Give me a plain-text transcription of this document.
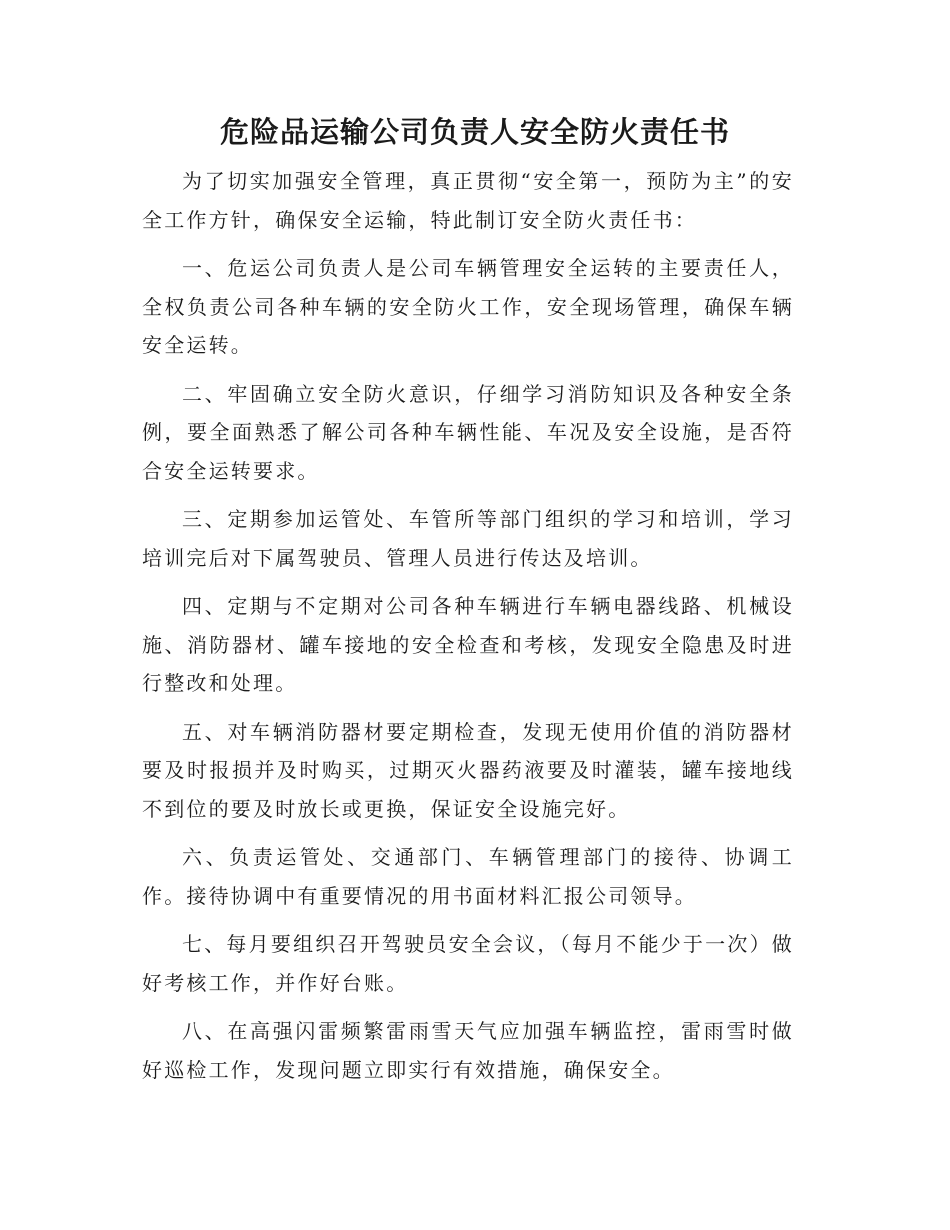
危险品运输公司负责人安全防火责任书

为了切实加强安全管理，真正贯彻“安全第一，预防为主”的安全工作方针，确保安全运输，特此制订安全防火责任书：

一、危运公司负责人是公司车辆管理安全运转的主要责任人，全权负责公司各种车辆的安全防火工作，安全现场管理，确保车辆安全运转。

二、牢固确立安全防火意识，仔细学习消防知识及各种安全条例，要全面熟悉了解公司各种车辆性能、车况及安全设施，是否符合安全运转要求。

三、定期参加运管处、车管所等部门组织的学习和培训，学习培训完后对下属驾驶员、管理人员进行传达及培训。

四、定期与不定期对公司各种车辆进行车辆电器线路、机械设施、消防器材、罐车接地的安全检查和考核，发现安全隐患及时进行整改和处理。

五、对车辆消防器材要定期检查，发现无使用价值的消防器材要及时报损并及时购买，过期灭火器药液要及时灌装，罐车接地线不到位的要及时放长或更换，保证安全设施完好。

六、负责运管处、交通部门、车辆管理部门的接待、协调工作。接待协调中有重要情况的用书面材料汇报公司领导。

七、每月要组织召开驾驶员安全会议，（每月不能少于一次）做好考核工作，并作好台账。

八、在高强闪雷频繁雷雨雪天气应加强车辆监控，雷雨雪时做好巡检工作，发现问题立即实行有效措施，确保安全。
